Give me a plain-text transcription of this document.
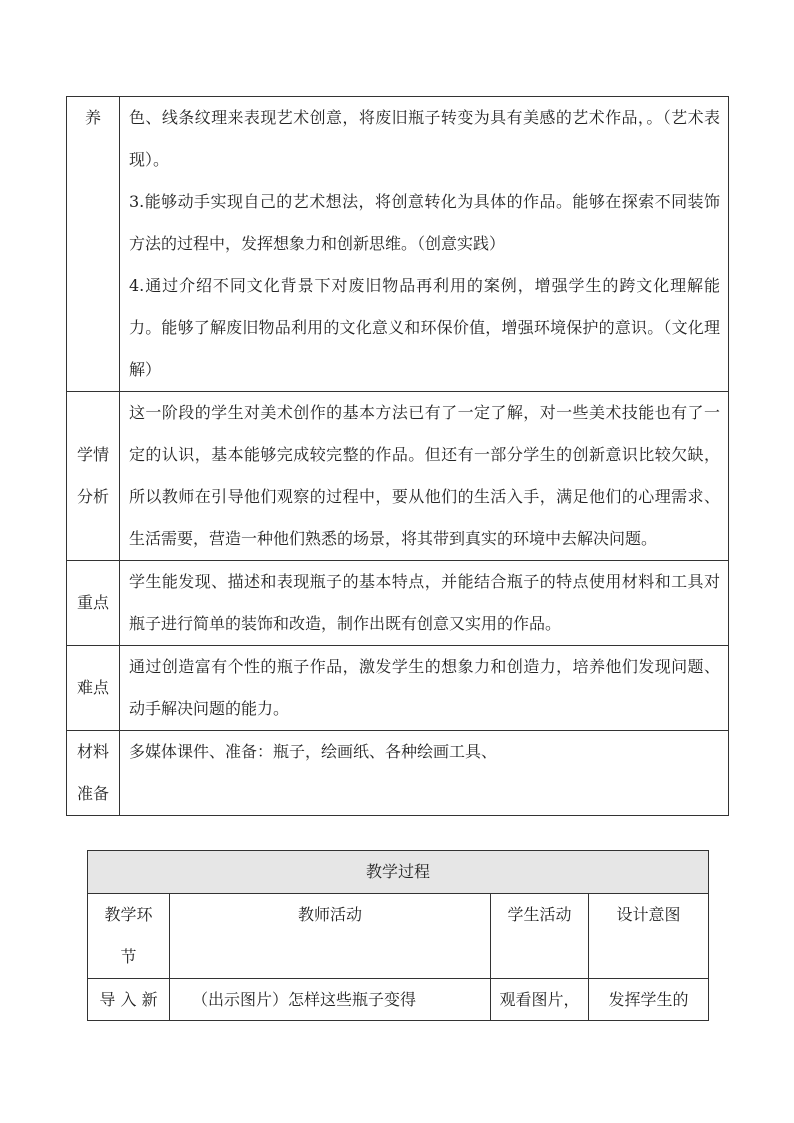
养	色、线条纹理来表现艺术创意，将废旧瓶子转变为具有美感的艺术作品，。（艺术表现）。

3.能够动手实现自己的艺术想法，将创意转化为具体的作品。能够在探索不同装饰方法的过程中，发挥想象力和创新思维。（创意实践）

4.通过介绍不同文化背景下对废旧物品再利用的案例，增强学生的跨文化理解能力。能够了解废旧物品利用的文化意义和环保价值，增强环境保护的意识。（文化理解）

学情分析	这一阶段的学生对美术创作的基本方法已有了一定了解，对一些美术技能也有了一定的认识，基本能够完成较完整的作品。但还有一部分学生的创新意识比较欠缺，所以教师在引导他们观察的过程中，要从他们的生活入手，满足他们的心理需求、生活需要，营造一种他们熟悉的场景，将其带到真实的环境中去解决问题。
重点	学生能发现、描述和表现瓶子的基本特点，并能结合瓶子的特点使用材料和工具对瓶子进行简单的装饰和改造，制作出既有创意又实用的作品。
难点	通过创造富有个性的瓶子作品，激发学生的想象力和创造力，培养他们发现问题、动手解决问题的能力。

材料准备	多媒体课件、准备：瓶子，绘画纸、各种绘画工具、
教学过程			

教学环节	教师活动	学生活动	设计意图
导 入 新	（出示图片）怎样这些瓶子变得	观看图片，	发挥学生的
